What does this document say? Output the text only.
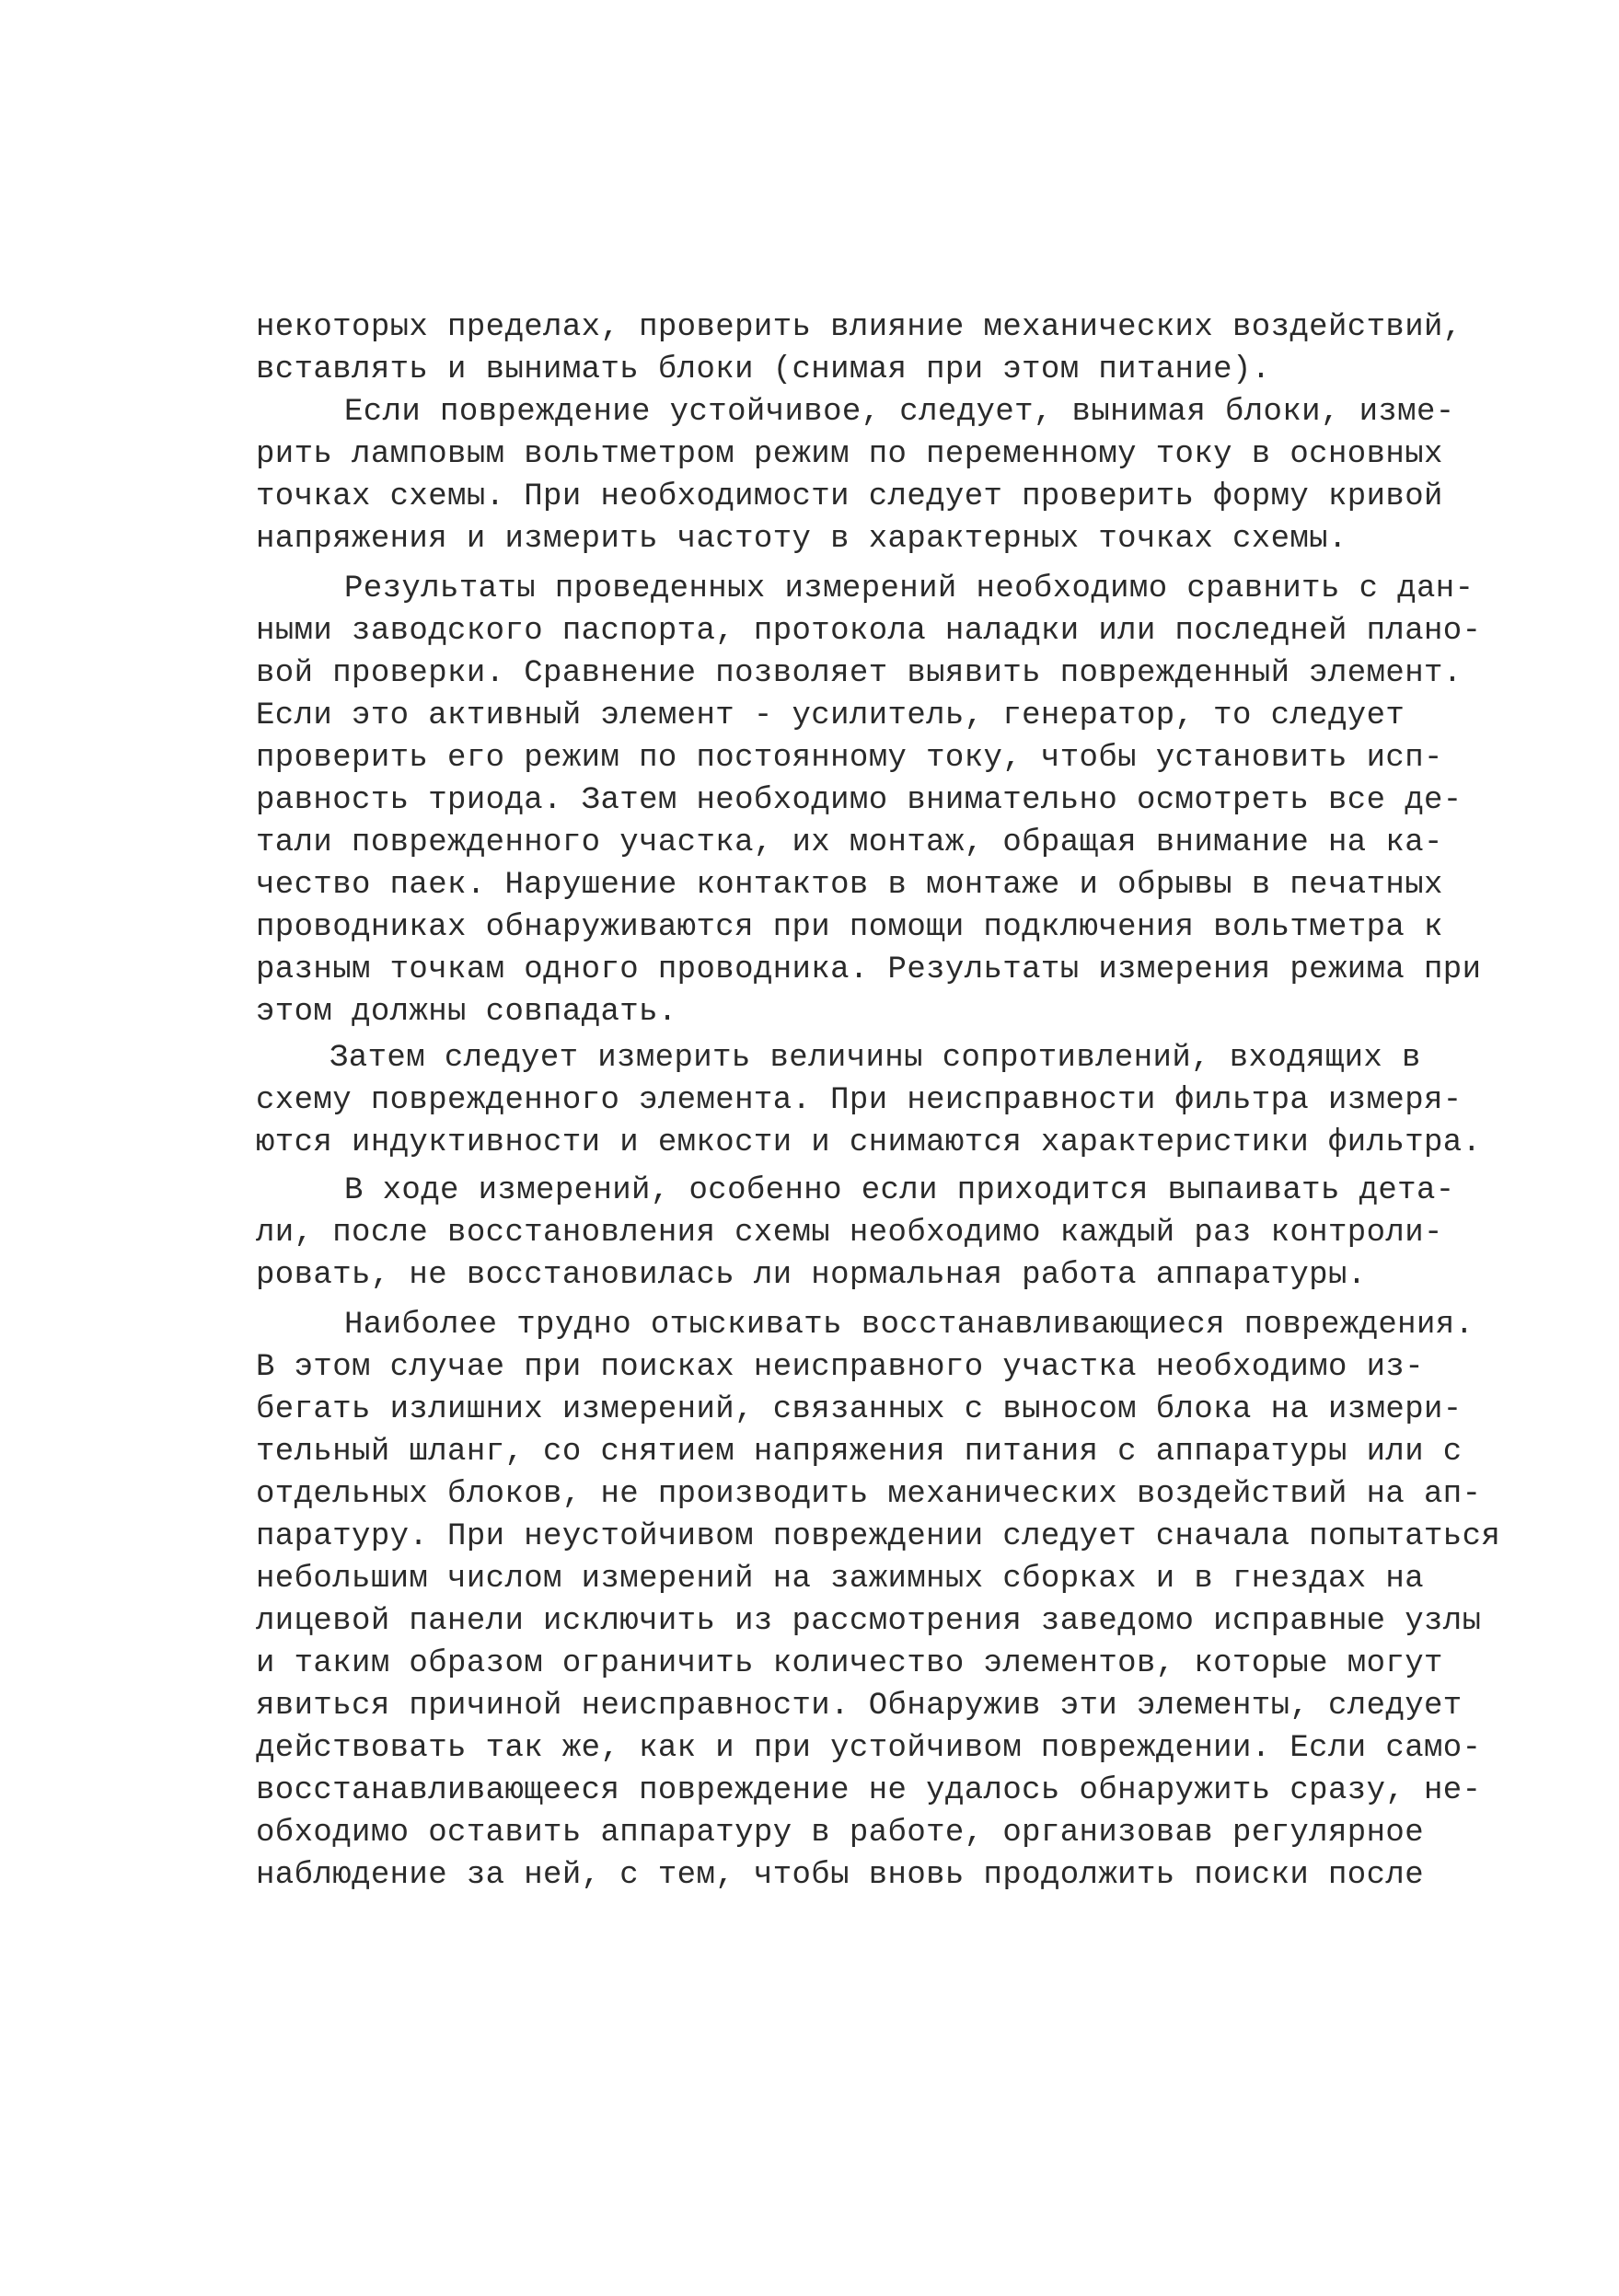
некоторых пределах, проверить влияние механических воздействий,
вставлять и вынимать блоки (снимая при этом питание).
Если повреждение устойчивое, следует, вынимая блоки, изме-
рить ламповым вольтметром режим по переменному току в основных
точках схемы. При необходимости следует проверить форму кривой
напряжения и измерить частоту в характерных точках схемы.
Результаты проведенных измерений необходимо сравнить с дан-
ными заводского паспорта, протокола наладки или последней плано-
вой проверки. Сравнение позволяет выявить поврежденный элемент.
Если это активный элемент - усилитель, генератор, то следует
проверить его режим по постоянному току, чтобы установить исп-
равность триода. Затем необходимо внимательно осмотреть все де-
тали поврежденного участка, их монтаж, обращая внимание на ка-
чество паек. Нарушение контактов в монтаже и обрывы в печатных
проводниках обнаруживаются при помощи подключения вольтметра к
разным точкам одного проводника. Результаты измерения режима при
этом должны совпадать.
Затем следует измерить величины сопротивлений, входящих в
схему поврежденного элемента. При неисправности фильтра измеря-
ются индуктивности и емкости и снимаются характеристики фильтра.
В ходе измерений, особенно если приходится выпаивать дета-
ли, после восстановления схемы необходимо каждый раз контроли-
ровать, не восстановилась ли нормальная работа аппаратуры.
Наиболее трудно отыскивать восстанавливающиеся повреждения.
В этом случае при поисках неисправного участка необходимо из-
бегать излишних измерений, связанных с выносом блока на измери-
тельный шланг, со снятием напряжения питания с аппаратуры или с
отдельных блоков, не производить механических воздействий на ап-
паратуру. При неустойчивом повреждении следует сначала попытаться
небольшим числом измерений на зажимных сборках и в гнездах на
лицевой панели исключить из рассмотрения заведомо исправные узлы
и таким образом ограничить количество элементов, которые могут
явиться причиной неисправности. Обнаружив эти элементы, следует
действовать так же, как и при устойчивом повреждении. Если само-
восстанавливающееся повреждение не удалось обнаружить сразу, не-
обходимо оставить аппаратуру в работе, организовав регулярное
наблюдение за ней, с тем, чтобы вновь продолжить поиски после
